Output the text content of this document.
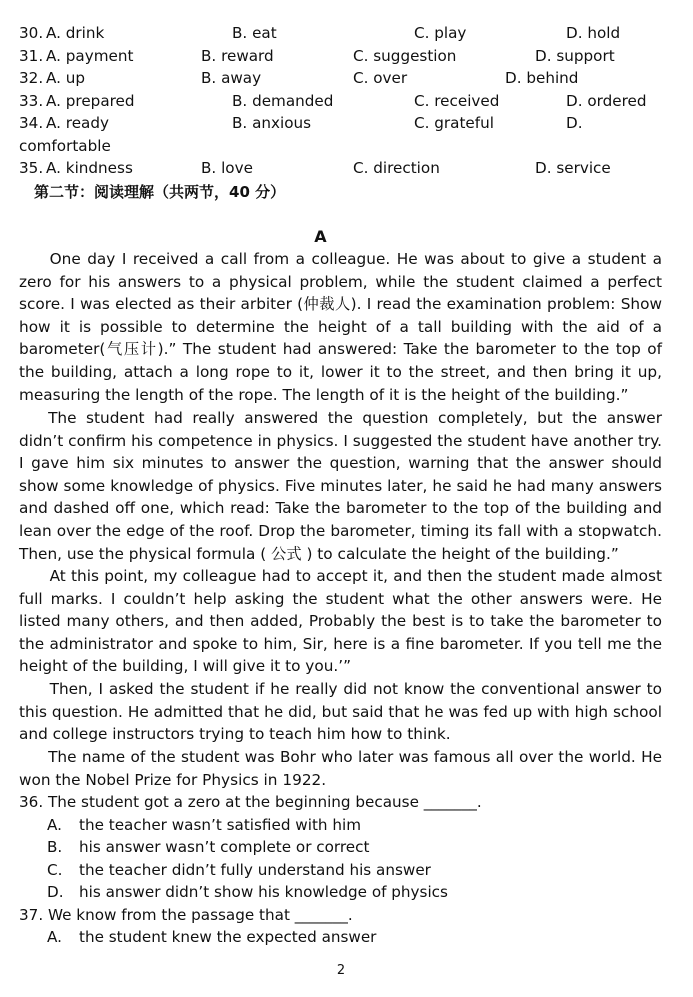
30. A. drink	B. eat	C. play	D. hold
31. A. payment	B. reward	C. suggestion	D. support
32. A. up	B. away	C. over	D. behind
33. A. prepared	B. demanded	C. received	D. ordered
34. A. ready	B. anxious	C. grateful	D.
comfortable
35. A. kindness	B. love	C. direction	D. service
第二节：阅读理解（共两节，40 分）
A
One day I received a call from a colleague. He was about to give a student a zero for his answers to a physical problem, while the student claimed a perfect score. I was elected as their arbiter (仲裁人). I read the examination problem: Show how it is possible to determine the height of a tall building with the aid of a barometer(气压计).” The student had answered: Take the barometer to the top of the building, attach a long rope to it, lower it to the street, and then bring it up, measuring the length of the rope. The length of it is the height of the building.”
The student had really answered the question completely, but the answer didn’t confirm his competence in physics. I suggested the student have another try. I gave him six minutes to answer the question, warning that the answer should show some knowledge of physics. Five minutes later, he said he had many answers and dashed off one, which read: Take the barometer to the top of the building and lean over the edge of the roof. Drop the barometer, timing its fall with a stopwatch. Then, use the physical formula ( 公式 ) to calculate the height of the building.”
At this point, my colleague had to accept it, and then the student made almost full marks. I couldn’t help asking the student what the other answers were. He listed many others, and then added, Probably the best is to take the barometer to the administrator and spoke to him, Sir, here is a fine barometer. If you tell me the height of the building, I will give it to you.’”
Then, I asked the student if he really did not know the conventional answer to this question. He admitted that he did, but said that he was fed up with high school and college instructors trying to teach him how to think.
The name of the student was Bohr who later was famous all over the world. He won the Nobel Prize for Physics in 1922.
36. The student got a zero at the beginning because _______.
A. the teacher wasn’t satisfied with him
B. his answer wasn’t complete or correct
C. the teacher didn’t fully understand his answer
D. his answer didn’t show his knowledge of physics
37. We know from the passage that _______.
A. the student knew the expected answer
2
